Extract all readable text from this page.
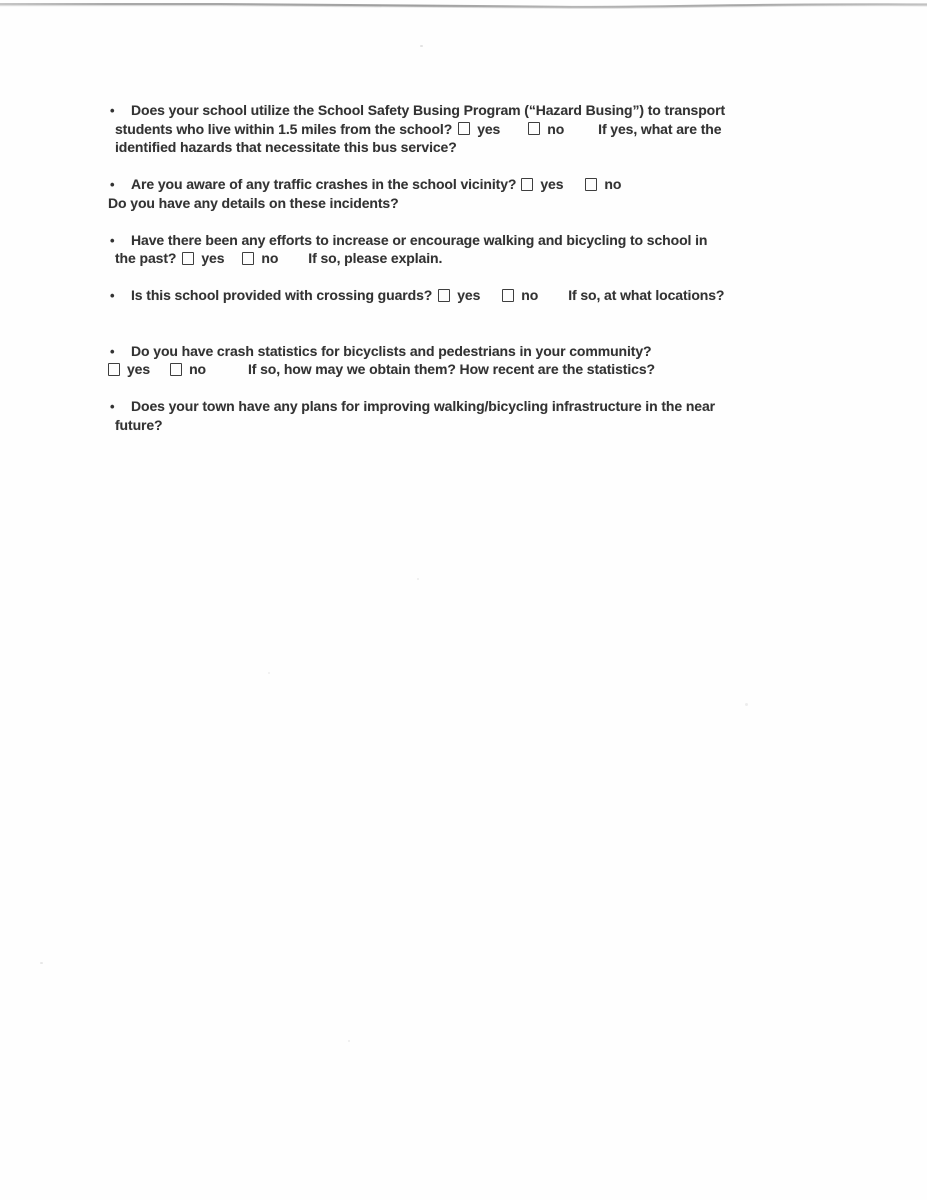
• Does your school utilize the School Safety Busing Program (“Hazard Busing”) to transport
students who live within 1.5 miles from the school? yes	no If yes, what are the
identified hazards that necessitate this bus service?
• Are you aware of any traffic crashes in the school vicinity? yes	no
Do you have any details on these incidents?
• Have there been any efforts to increase or encourage walking and bicycling to school in
the past? yes	no If so, please explain.
• Is this school provided with crossing guards? yes	no If so, at what locations?
• Do you have crash statistics for bicyclists and pedestrians in your community?
yes	no	If so, how may we obtain them? How recent are the statistics?
• Does your town have any plans for improving walking/bicycling infrastructure in the near
future?
